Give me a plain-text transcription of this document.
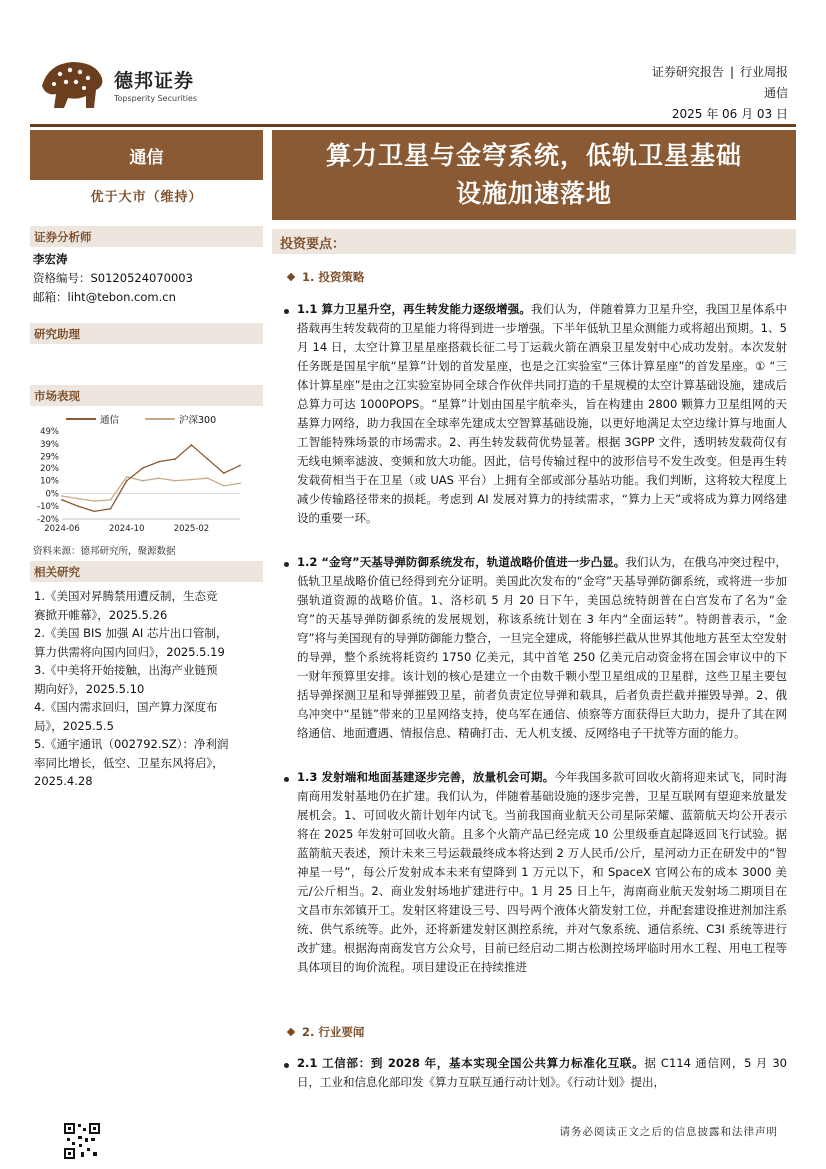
德邦证券
Topsperity Securities
证券研究报告 | 行业周报
通信
2025 年 06 月 03 日
通信
优于大市（维持）
证券分析师
李宏涛
资格编号：S0120524070003
邮箱：liht@tebon.com.cn
研究助理
市场表现
通信	沪深300
49%
39%
29%
20%
10%
0%
-10%
-20%
2024-06	2024-10	2025-02
资料来源：德邦研究所，聚源数据
相关研究
1.《美国对昇腾禁用遭反制，生态竞
赛掀开帷幕》，2025.5.26
2.《美国 BIS 加强 AI 芯片出口管制，
算力供需将向国内回归》，2025.5.19
3.《中美将开始接触，出海产业链预
期向好》，2025.5.10
4.《国内需求回归，国产算力深度布
局》，2025.5.5
5.《通宇通讯（002792.SZ）：净利润
率同比增长，低空、卫星东风将启》，
2025.4.28
算力卫星与金穹系统，低轨卫星基础
设施加速落地
投资要点：
1. 投资策略
1.1 算力卫星升空，再生转发能力逐级增强。我们认为，伴随着算力卫星升空，我国卫星体系中搭载再生转发载荷的卫星能力将得到进一步增强。下半年低轨卫星众测能力或将超出预期。1、5 月 14 日，太空计算卫星星座搭载长征二号丁运载火箭在酒泉卫星发射中心成功发射。本次发射任务既是国星宇航“星算”计划的首发星座，也是之江实验室“三体计算星座”的首发星座。① “三体计算星座”是由之江实验室协同全球合作伙伴共同打造的千星规模的太空计算基础设施，建成后总算力可达 1000POPS。“星算”计划由国星宇航牵头，旨在构建由 2800 颗算力卫星组网的天基算力网络，助力我国在全球率先建成太空智算基础设施，以更好地满足太空边缘计算与地面人工智能特殊场景的市场需求。2、再生转发载荷优势显著。根据 3GPP 文件，透明转发载荷仅有无线电频率滤波、变频和放大功能。因此，信号传输过程中的波形信号不发生改变。但是再生转发载荷相当于在卫星（或 UAS 平台）上拥有全部或部分基站功能。我们判断，这将较大程度上减少传输路径带来的损耗。考虑到 AI 发展对算力的持续需求，“算力上天”或将成为算力网络建设的重要一环。
1.2 “金穹”天基导弹防御系统发布，轨道战略价值进一步凸显。我们认为，在俄乌冲突过程中，低轨卫星战略价值已经得到充分证明。美国此次发布的“金穹”天基导弹防御系统，或将进一步加强轨道资源的战略价值。1、洛杉矶 5 月 20 日下午，美国总统特朗普在白宫发布了名为“金穹”的天基导弹防御系统的发展规划，称该系统计划在 3 年内“全面运转”。特朗普表示，“金穹”将与美国现有的导弹防御能力整合，一旦完全建成，将能够拦截从世界其他地方甚至太空发射的导弹，整个系统将耗资约 1750 亿美元，其中首笔 250 亿美元启动资金将在国会审议中的下一财年预算里安排。该计划的核心是建立一个由数千颗小型卫星组成的卫星群，这些卫星主要包括导弹探测卫星和导弹摧毁卫星，前者负责定位导弹和载具，后者负责拦截并摧毁导弹。2、俄乌冲突中“星链”带来的卫星网络支持，使乌军在通信、侦察等方面获得巨大助力，提升了其在网络通信、地面遭遇、情报信息、精确打击、无人机支援、反网络电子干扰等方面的能力。
1.3 发射端和地面基建逐步完善，放量机会可期。今年我国多款可回收火箭将迎来试飞，同时海南商用发射基地仍在扩建。我们认为，伴随着基础设施的逐步完善，卫星互联网有望迎来放量发展机会。1、可回收火箭计划年内试飞。当前我国商业航天公司星际荣耀、蓝箭航天均公开表示将在 2025 年发射可回收火箭。且多个火箭产品已经完成 10 公里级垂直起降返回飞行试验。据蓝箭航天表述，预计未来三号运载最终成本将达到 2 万人民币/公斤，星河动力正在研发中的“智神星一号”，每公斤发射成本未来有望降到 1 万元以下，和 SpaceX 官网公布的成本 3000 美元/公斤相当。2、商业发射场地扩建进行中。1 月 25 日上午，海南商业航天发射场二期项目在文昌市东郊镇开工。发射区将建设三号、四号两个液体火箭发射工位，并配套建设推进剂加注系统、供气系统等。此外，还将新建发射区测控系统，并对气象系统、通信系统、C3I 系统等进行改扩建。根据海南商发官方公众号，目前已经启动二期古松测控场坪临时用水工程、用电工程等具体项目的询价流程。项目建设正在持续推进
2. 行业要闻
2.1 工信部：到 2028 年，基本实现全国公共算力标准化互联。据 C114 通信网，5 月 30 日，工业和信息化部印发《算力互联互通行动计划》。《行动计划》提出，
请务必阅读正文之后的信息披露和法律声明
